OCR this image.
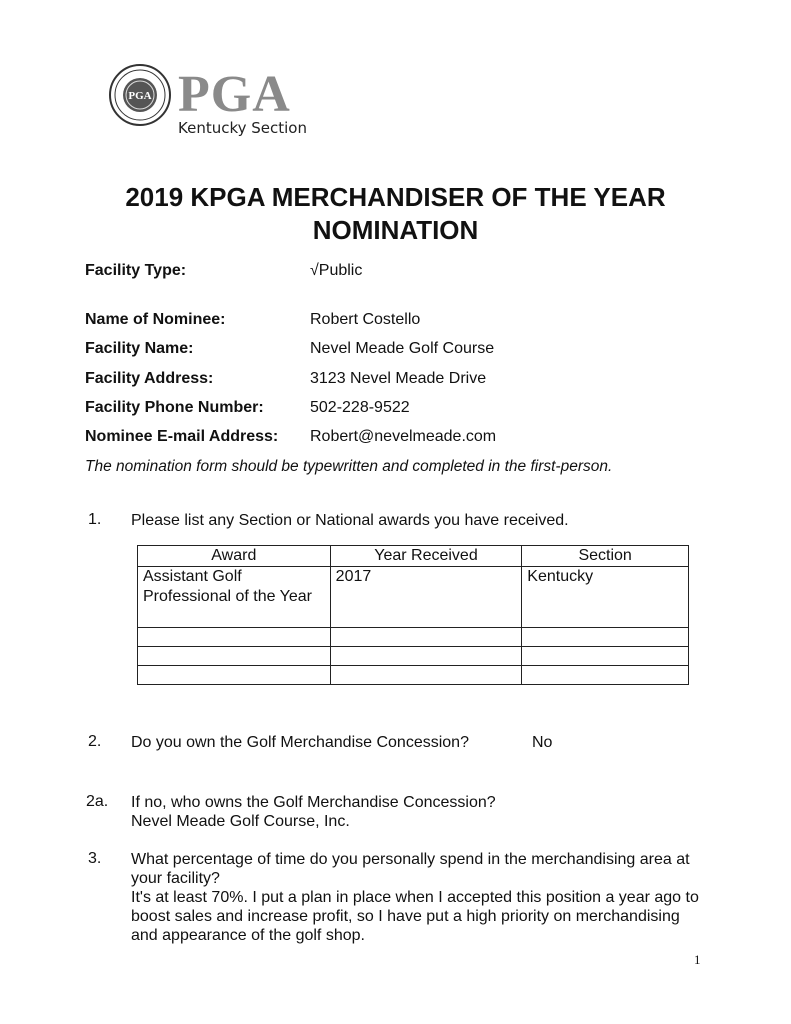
PGA PGA
Kentucky Section
2019 KPGA MERCHANDISER OF THE YEAR
NOMINATION
Facility Type:	√Public
Name of Nominee:	Robert Costello
Facility Name:	Nevel Meade Golf Course
Facility Address:	3123 Nevel Meade Drive
Facility Phone Number:	502-228-9522
Nominee E-mail Address: Robert@nevelmeade.com
The nomination form should be typewritten and completed in the first-person.
1. Please list any Section or National awards you have received.
Award	Year Received	Section
Assistant Golf Professional of the Year	2017	Kentucky

2. Do you own the Golf Merchandise Concession?	No
2a. If no, who owns the Golf Merchandise Concession?
Nevel Meade Golf Course, Inc.
3. What percentage of time do you personally spend in the merchandising area at your facility?
It's at least 70%. I put a plan in place when I accepted this position a year ago to boost sales and increase profit, so I have put a high priority on merchandising and appearance of the golf shop.
1
